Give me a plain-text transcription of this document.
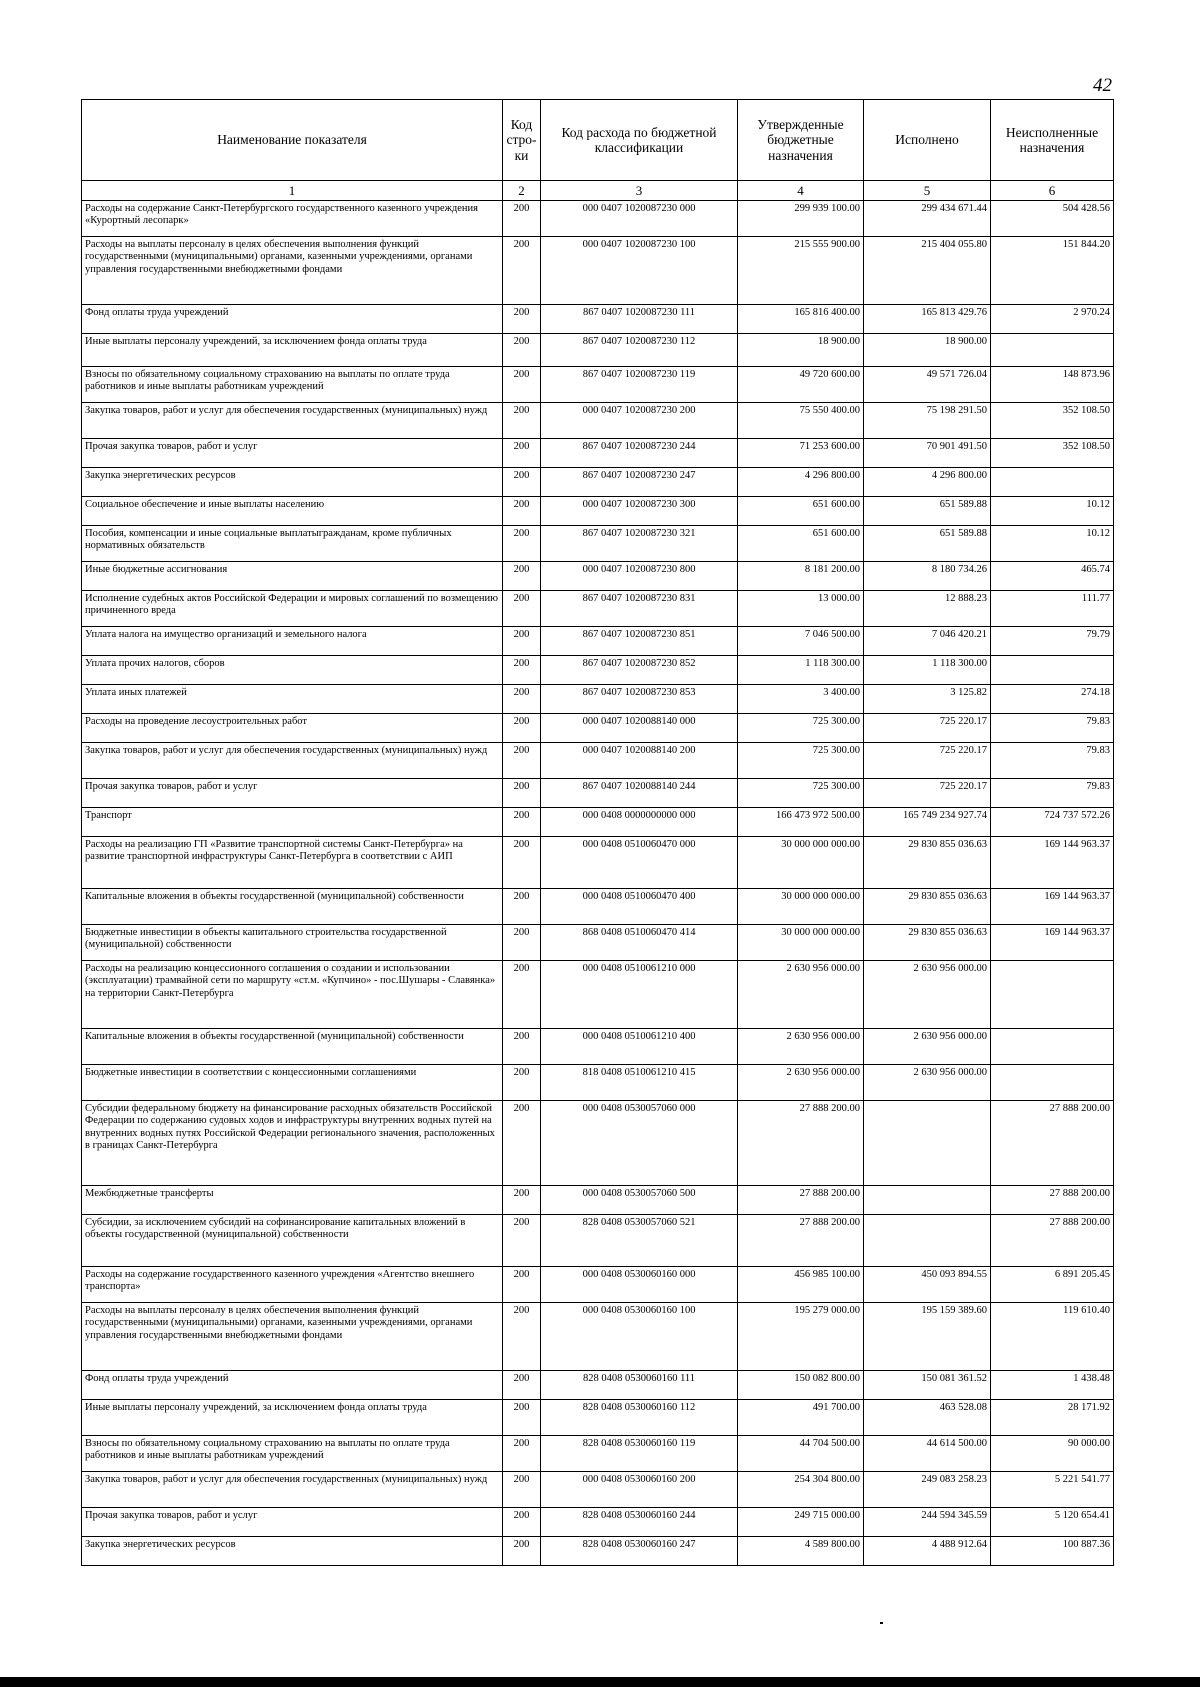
42
Наименование показателя	Код стро-ки	Код расхода по бюджетной классификации	Утвержденные бюджетные назначения	Исполнено	Неисполненные назначения
1	2	3	4	5	6
Расходы на содержание Санкт-Петербургского государственного казенного учреждения «Курортный лесопарк»	200	000 0407 1020087230 000	299 939 100.00	299 434 671.44	504 428.56
Расходы на выплаты персоналу в целях обеспечения выполнения функций государственными (муниципальными) органами, казенными учреждениями, органами управления государственными внебюджетными фондами	200	000 0407 1020087230 100	215 555 900.00	215 404 055.80	151 844.20
Фонд оплаты труда учреждений	200	867 0407 1020087230 111	165 816 400.00	165 813 429.76	2 970.24
Иные выплаты персоналу учреждений, за исключением фонда оплаты труда	200	867 0407 1020087230 112	18 900.00	18 900.00	
Взносы по обязательному социальному страхованию на выплаты по оплате труда работников и иные выплаты работникам учреждений	200	867 0407 1020087230 119	49 720 600.00	49 571 726.04	148 873.96
Закупка товаров, работ и услуг для обеспечения государственных (муниципальных) нужд	200	000 0407 1020087230 200	75 550 400.00	75 198 291.50	352 108.50
Прочая закупка товаров, работ и услуг	200	867 0407 1020087230 244	71 253 600.00	70 901 491.50	352 108.50
Закупка энергетических ресурсов	200	867 0407 1020087230 247	4 296 800.00	4 296 800.00	
Социальное обеспечение и иные выплаты населению	200	000 0407 1020087230 300	651 600.00	651 589.88	10.12
Пособия, компенсации и иные социальные выплатыгражданам, кроме публичных нормативных обязательств	200	867 0407 1020087230 321	651 600.00	651 589.88	10.12
Иные бюджетные ассигнования	200	000 0407 1020087230 800	8 181 200.00	8 180 734.26	465.74
Исполнение судебных актов Российской Федерации и мировых соглашений по возмещению причиненного вреда	200	867 0407 1020087230 831	13 000.00	12 888.23	111.77
Уплата налога на имущество организаций и земельного налога	200	867 0407 1020087230 851	7 046 500.00	7 046 420.21	79.79
Уплата прочих налогов, сборов	200	867 0407 1020087230 852	1 118 300.00	1 118 300.00	
Уплата иных платежей	200	867 0407 1020087230 853	3 400.00	3 125.82	274.18
Расходы на проведение лесоустроительных работ	200	000 0407 1020088140 000	725 300.00	725 220.17	79.83
Закупка товаров, работ и услуг для обеспечения государственных (муниципальных) нужд	200	000 0407 1020088140 200	725 300.00	725 220.17	79.83
Прочая закупка товаров, работ и услуг	200	867 0407 1020088140 244	725 300.00	725 220.17	79.83
Транспорт	200	000 0408 0000000000 000	166 473 972 500.00	165 749 234 927.74	724 737 572.26
Расходы на реализацию ГП «Развитие транспортной системы Санкт-Петербурга» на развитие транспортной инфраструктуры Санкт-Петербурга в соответствии с АИП	200	000 0408 0510060470 000	30 000 000 000.00	29 830 855 036.63	169 144 963.37
Капитальные вложения в объекты государственной (муниципальной) собственности	200	000 0408 0510060470 400	30 000 000 000.00	29 830 855 036.63	169 144 963.37
Бюджетные инвестиции в объекты капитального строительства государственной (муниципальной) собственности	200	868 0408 0510060470 414	30 000 000 000.00	29 830 855 036.63	169 144 963.37
Расходы на реализацию концессионного соглашения о создании и использовании (эксплуатации) трамвайной сети по маршруту «ст.м. «Купчино» - пос.Шушары - Славянка» на территории Санкт-Петербурга	200	000 0408 0510061210 000	2 630 956 000.00	2 630 956 000.00	
Капитальные вложения в объекты государственной (муниципальной) собственности	200	000 0408 0510061210 400	2 630 956 000.00	2 630 956 000.00	
Бюджетные инвестиции в соответствии с концессионными соглашениями	200	818 0408 0510061210 415	2 630 956 000.00	2 630 956 000.00	
Субсидии федеральному бюджету на финансирование расходных обязательств Российской Федерации по содержанию судовых ходов и инфраструктуры внутренних водных путей на внутренних водных путях Российской Федерации регионального значения, расположенных в границах Санкт-Петербурга	200	000 0408 0530057060 000	27 888 200.00		27 888 200.00
Межбюджетные трансферты	200	000 0408 0530057060 500	27 888 200.00		27 888 200.00
Субсидии, за исключением субсидий на софинансирование капитальных вложений в объекты государственной (муниципальной) собственности	200	828 0408 0530057060 521	27 888 200.00		27 888 200.00
Расходы на содержание государственного казенного учреждения «Агентство внешнего транспорта»	200	000 0408 0530060160 000	456 985 100.00	450 093 894.55	6 891 205.45
Расходы на выплаты персоналу в целях обеспечения выполнения функций государственными (муниципальными) органами, казенными учреждениями, органами управления государственными внебюджетными фондами	200	000 0408 0530060160 100	195 279 000.00	195 159 389.60	119 610.40
Фонд оплаты труда учреждений	200	828 0408 0530060160 111	150 082 800.00	150 081 361.52	1 438.48
Иные выплаты персоналу учреждений, за исключением фонда оплаты труда	200	828 0408 0530060160 112	491 700.00	463 528.08	28 171.92
Взносы по обязательному социальному страхованию на выплаты по оплате труда работников и иные выплаты работникам учреждений	200	828 0408 0530060160 119	44 704 500.00	44 614 500.00	90 000.00
Закупка товаров, работ и услуг для обеспечения государственных (муниципальных) нужд	200	000 0408 0530060160 200	254 304 800.00	249 083 258.23	5 221 541.77
Прочая закупка товаров, работ и услуг	200	828 0408 0530060160 244	249 715 000.00	244 594 345.59	5 120 654.41
Закупка энергетических ресурсов	200	828 0408 0530060160 247	4 589 800.00	4 488 912.64	100 887.36
